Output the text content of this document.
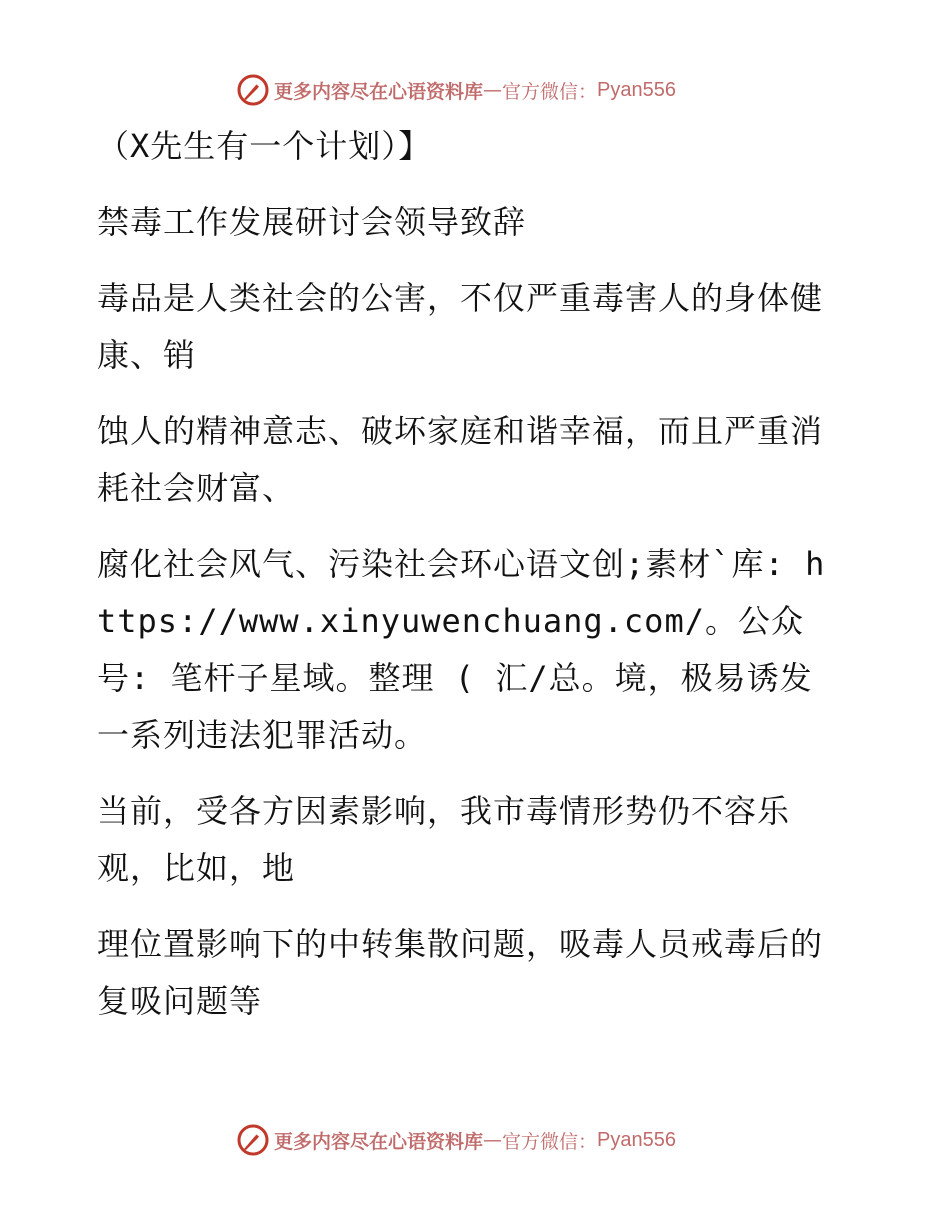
更多内容尽在心语资料库 — 官方微信： Pyan556

（X先生有一个计划）】

禁毒工作发展研讨会领导致辞

毒品是人类社会的公害，不仅严重毒害人的身体健康、销

蚀人的精神意志、破坏家庭和谐幸福，而且严重消耗社会财富、

腐化社会风气、污染社会环心语文创;素材`库: https://www.xinyuwenchuang.com/。公众号: 笔杆子星域。整理 ( 汇/总。境，极易诱发一系列违法犯罪活动。

当前，受各方因素影响，我市毒情形势仍不容乐观，比如，地

理位置影响下的中转集散问题，吸毒人员戒毒后的复吸问题等

更多内容尽在心语资料库 — 官方微信： Pyan556
